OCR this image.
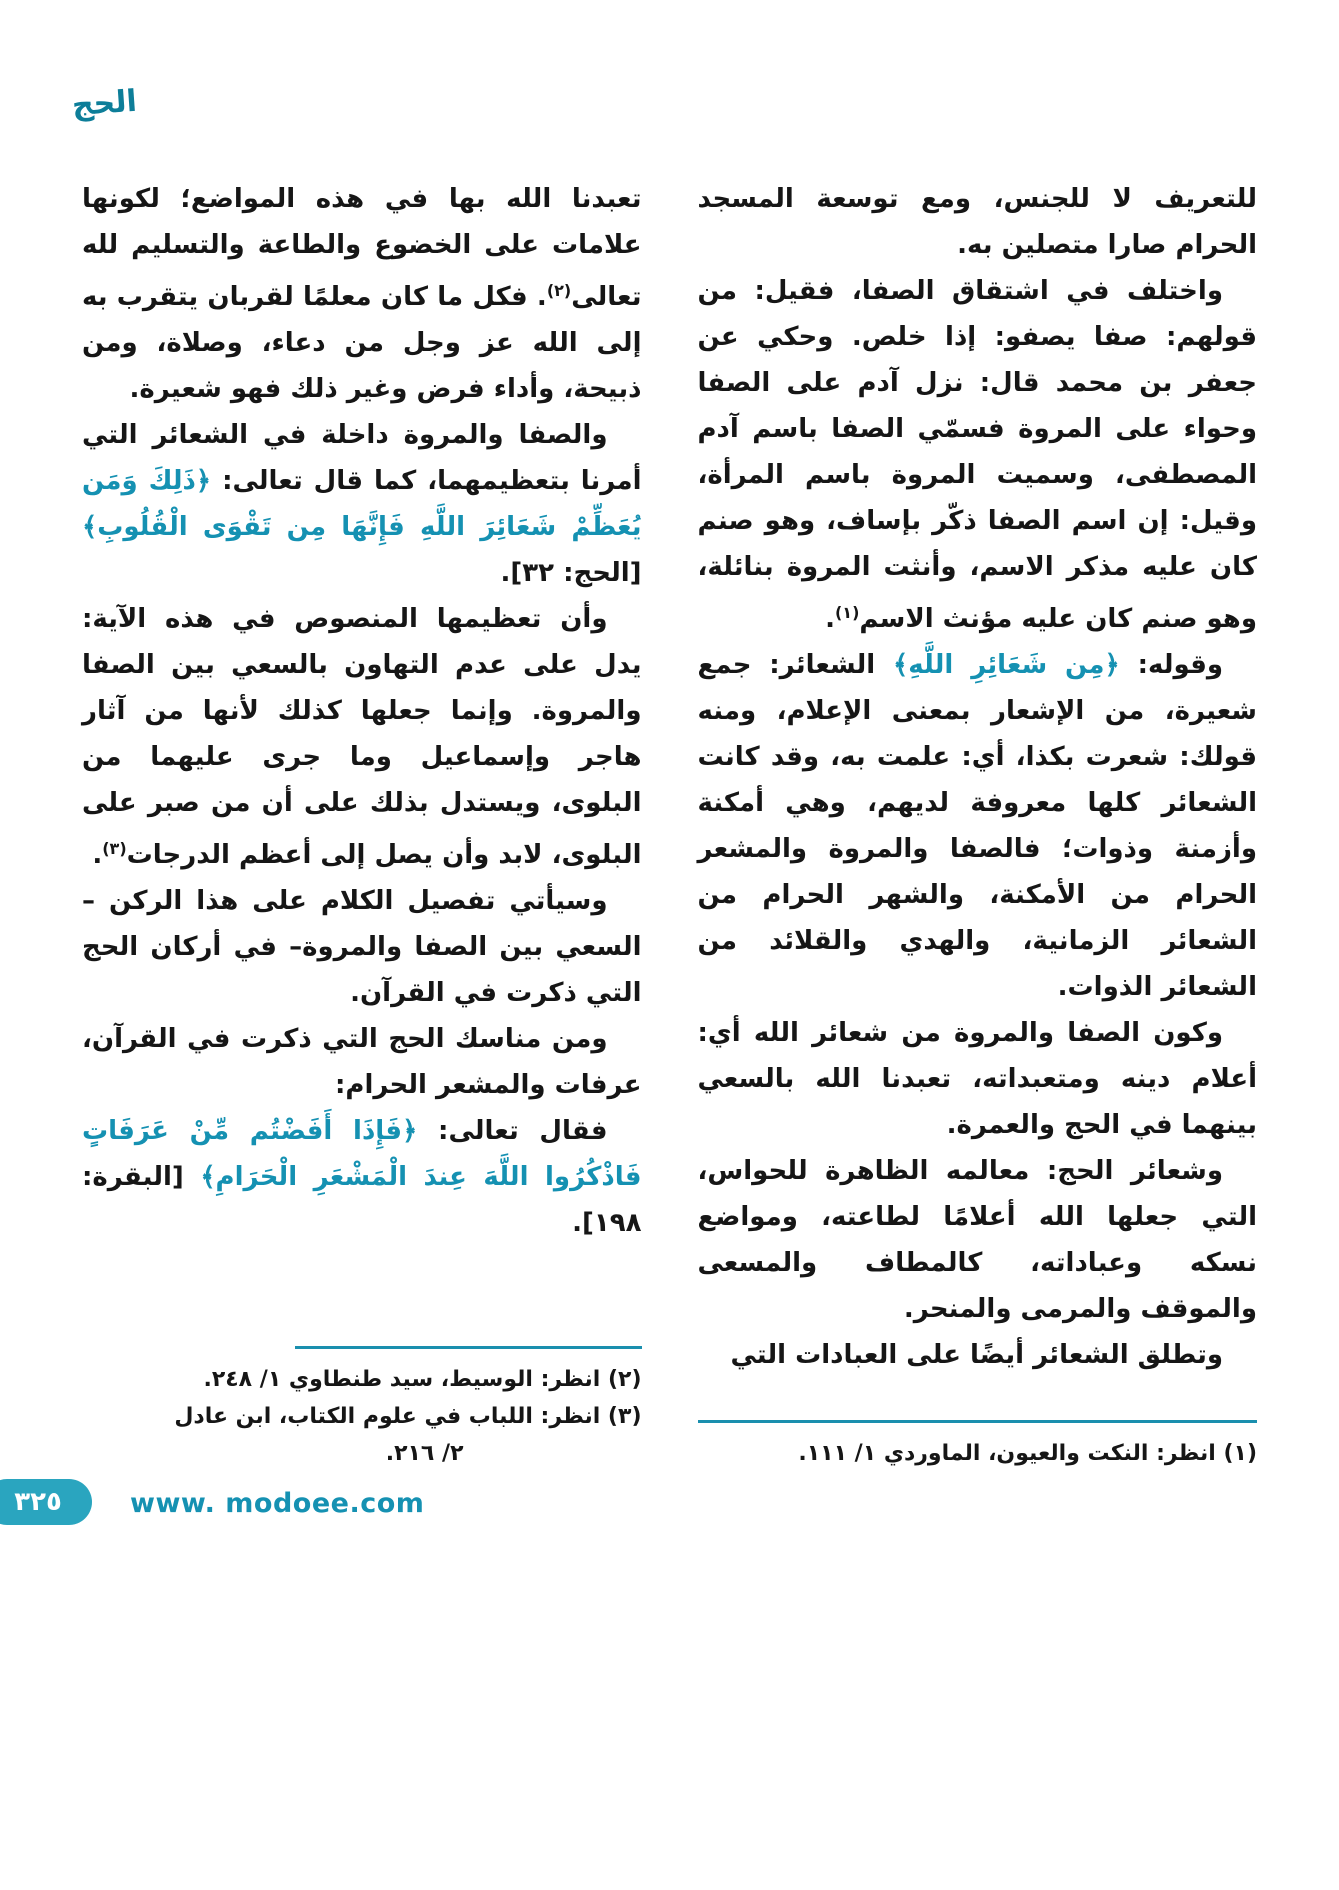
الحج

للتعريف لا للجنس، ومع توسعة المسجد الحرام صارا متصلين به.

واختلف في اشتقاق الصفا، فقيل: من قولهم: صفا يصفو: إذا خلص. وحكي عن جعفر بن محمد قال: نزل آدم على الصفا وحواء على المروة فسمّي الصفا باسم آدم المصطفى، وسميت المروة باسم المرأة، وقيل: إن اسم الصفا ذكّر بإساف، وهو صنم كان عليه مذكر الاسم، وأنثت المروة بنائلة، وهو صنم كان عليه مؤنث الاسم$^{(١)}$.

وقوله: ﴿مِن شَعَائِرِ اللَّهِ﴾ الشعائر: جمع شعيرة، من الإشعار بمعنى الإعلام، ومنه قولك: شعرت بكذا، أي: علمت به، وقد كانت الشعائر كلها معروفة لديهم، وهي أمكنة وأزمنة وذوات؛ فالصفا والمروة والمشعر الحرام من الأمكنة، والشهر الحرام من الشعائر الزمانية، والهدي والقلائد من الشعائر الذوات.

وكون الصفا والمروة من شعائر الله أي: أعلام دينه ومتعبداته، تعبدنا الله بالسعي بينهما في الحج والعمرة.

وشعائر الحج: معالمه الظاهرة للحواس، التي جعلها الله أعلامًا لطاعته، ومواضع نسكه وعباداته، كالمطاف والمسعى والموقف والمرمى والمنحر.

وتطلق الشعائر أيضًا على العبادات التي

(١) انظر: النكت والعيون، الماوردي ١/ ١١١.

تعبدنا الله بها في هذه المواضع؛ لكونها علامات على الخضوع والطاعة والتسليم لله تعالى$^{(٢)}$. فكل ما كان معلمًا لقربان يتقرب به إلى الله عز وجل من دعاء، وصلاة، ومن ذبيحة، وأداء فرض وغير ذلك فهو شعيرة.

والصفا والمروة داخلة في الشعائر التي أمرنا بتعظيمهما، كما قال تعالى: ﴿ذَلِكَ وَمَن يُعَظِّمْ شَعَائِرَ اللَّهِ فَإِنَّهَا مِن تَقْوَى الْقُلُوبِ﴾ [الحج: ٣٢].

وأن تعظيمها المنصوص في هذه الآية: يدل على عدم التهاون بالسعي بين الصفا والمروة. وإنما جعلها كذلك لأنها من آثار هاجر وإسماعيل وما جرى عليهما من البلوى، ويستدل بذلك على أن من صبر على البلوى، لابد وأن يصل إلى أعظم الدرجات$^{(٣)}$.

وسيأتي تفصيل الكلام على هذا الركن –السعي بين الصفا والمروة– في أركان الحج التي ذكرت في القرآن.

ومن مناسك الحج التي ذكرت في القرآن، عرفات والمشعر الحرام:

فقال تعالى: ﴿فَإِذَا أَفَضْتُم مِّنْ عَرَفَاتٍ فَاذْكُرُوا اللَّهَ عِندَ الْمَشْعَرِ الْحَرَامِ﴾ [البقرة: ١٩٨].

(٢) انظر: الوسيط، سيد طنطاوي ١/ ٢٤٨.

(٣) انظر: اللباب في علوم الكتاب، ابن عادل
٢/ ٢١٦.

٣٢٥	www. modoee.com
